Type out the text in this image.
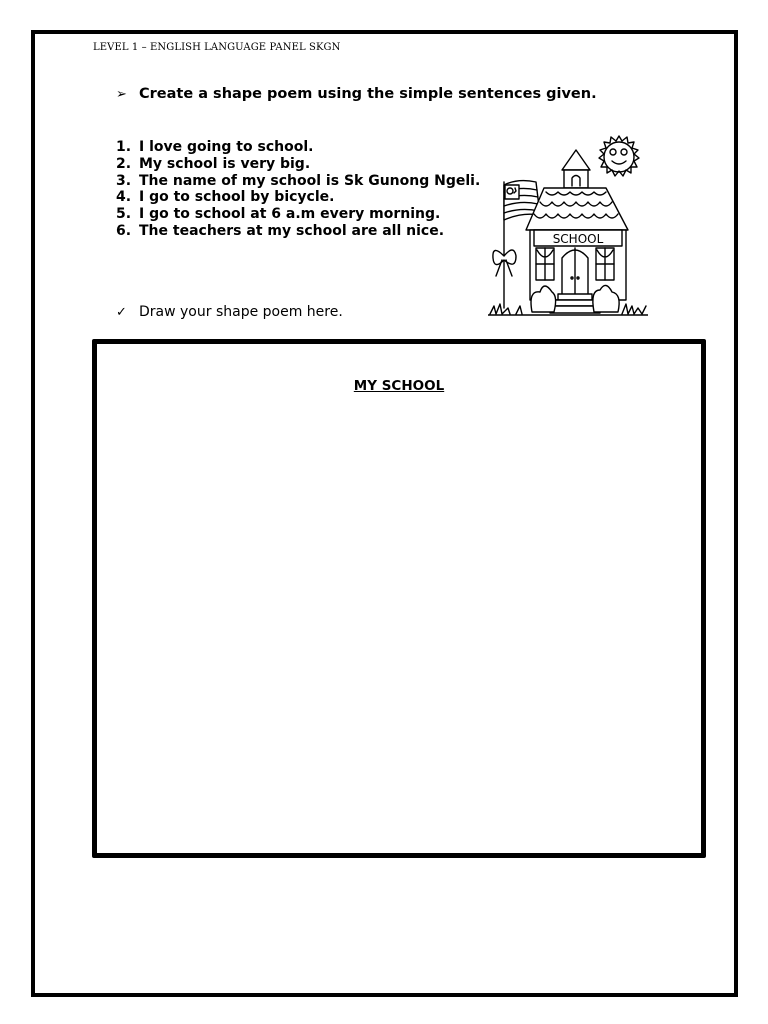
LEVEL 1 – ENGLISH LANGUAGE PANEL SKGN
➢ Create a shape poem using the simple sentences given.
1. I love going to school.
2. My school is very big.
3. The name of my school is Sk Gunong Ngeli.
4. I go to school by bicycle.
5. I go to school at 6 a.m every morning.
6. The teachers at my school are all nice.
SCHOOL
✓ Draw your shape poem here.
MY SCHOOL
